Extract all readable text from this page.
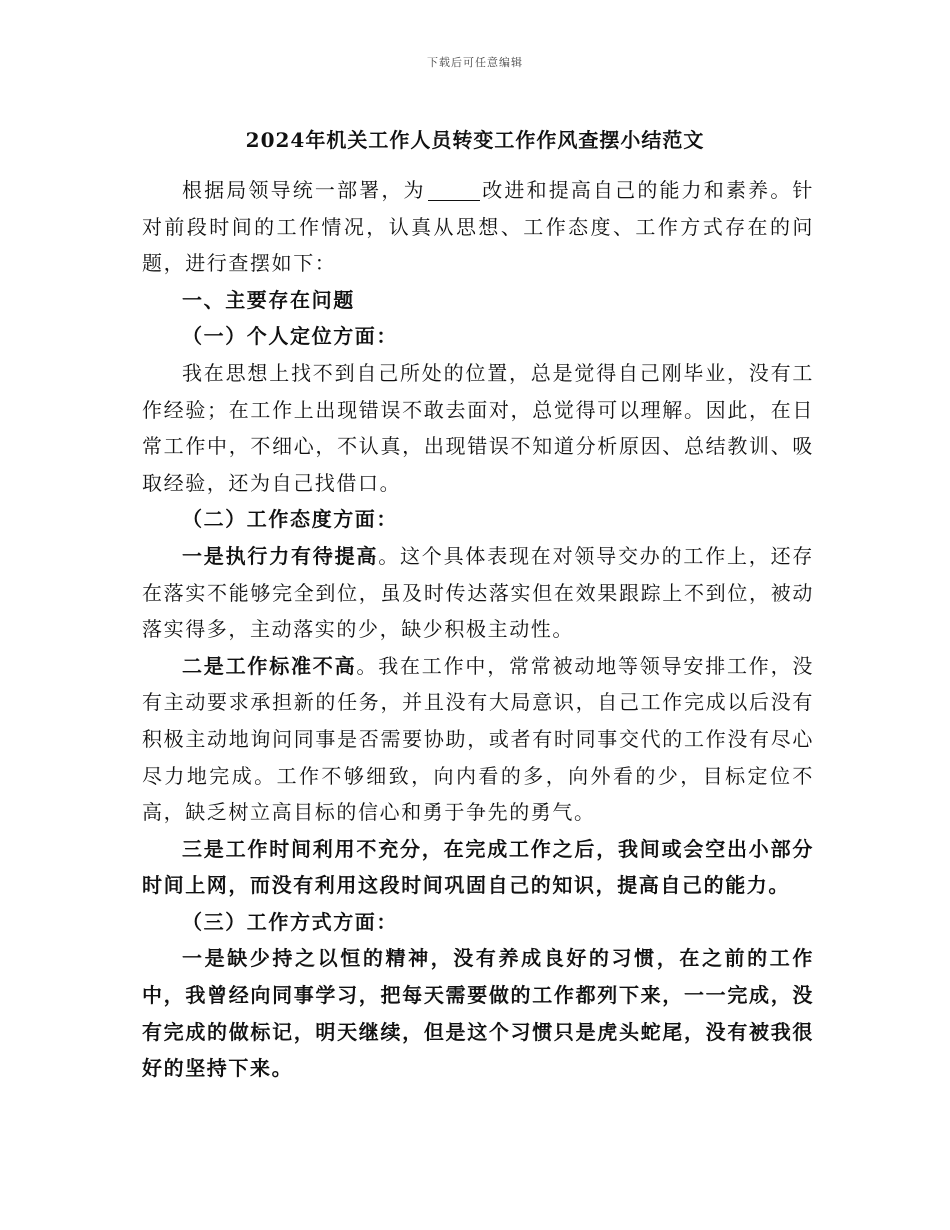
下载后可任意编辑
2024年机关工作人员转变工作作风查摆小结范文

根据局领导统一部署，为	改进和提高自己的能力和素养。针对前段时间的工作情况，认真从思想、工作态度、工作方式存在的问题，进行查摆如下：

一、主要存在问题

（一）个人定位方面：

我在思想上找不到自己所处的位置，总是觉得自己刚毕业，没有工作经验；在工作上出现错误不敢去面对，总觉得可以理解。因此，在日常工作中，不细心，不认真，出现错误不知道分析原因、总结教训、吸取经验，还为自己找借口。

（二）工作态度方面：

一是执行力有待提高。这个具体表现在对领导交办的工作上，还存在落实不能够完全到位，虽及时传达落实但在效果跟踪上不到位，被动落实得多，主动落实的少，缺少积极主动性。

二是工作标准不高。我在工作中，常常被动地等领导安排工作，没有主动要求承担新的任务，并且没有大局意识，自己工作完成以后没有积极主动地询问同事是否需要协助，或者有时同事交代的工作没有尽心尽力地完成。工作不够细致，向内看的多，向外看的少，目标定位不高，缺乏树立高目标的信心和勇于争先的勇气。

三是工作时间利用不充分，在完成工作之后，我间或会空出小部分时间上网，而没有利用这段时间巩固自己的知识，提高自己的能力。

（三）工作方式方面：

一是缺少持之以恒的精神，没有养成良好的习惯，在之前的工作中，我曾经向同事学习，把每天需要做的工作都列下来，一一完成，没有完成的做标记，明天继续，但是这个习惯只是虎头蛇尾，没有被我很好的坚持下来。
